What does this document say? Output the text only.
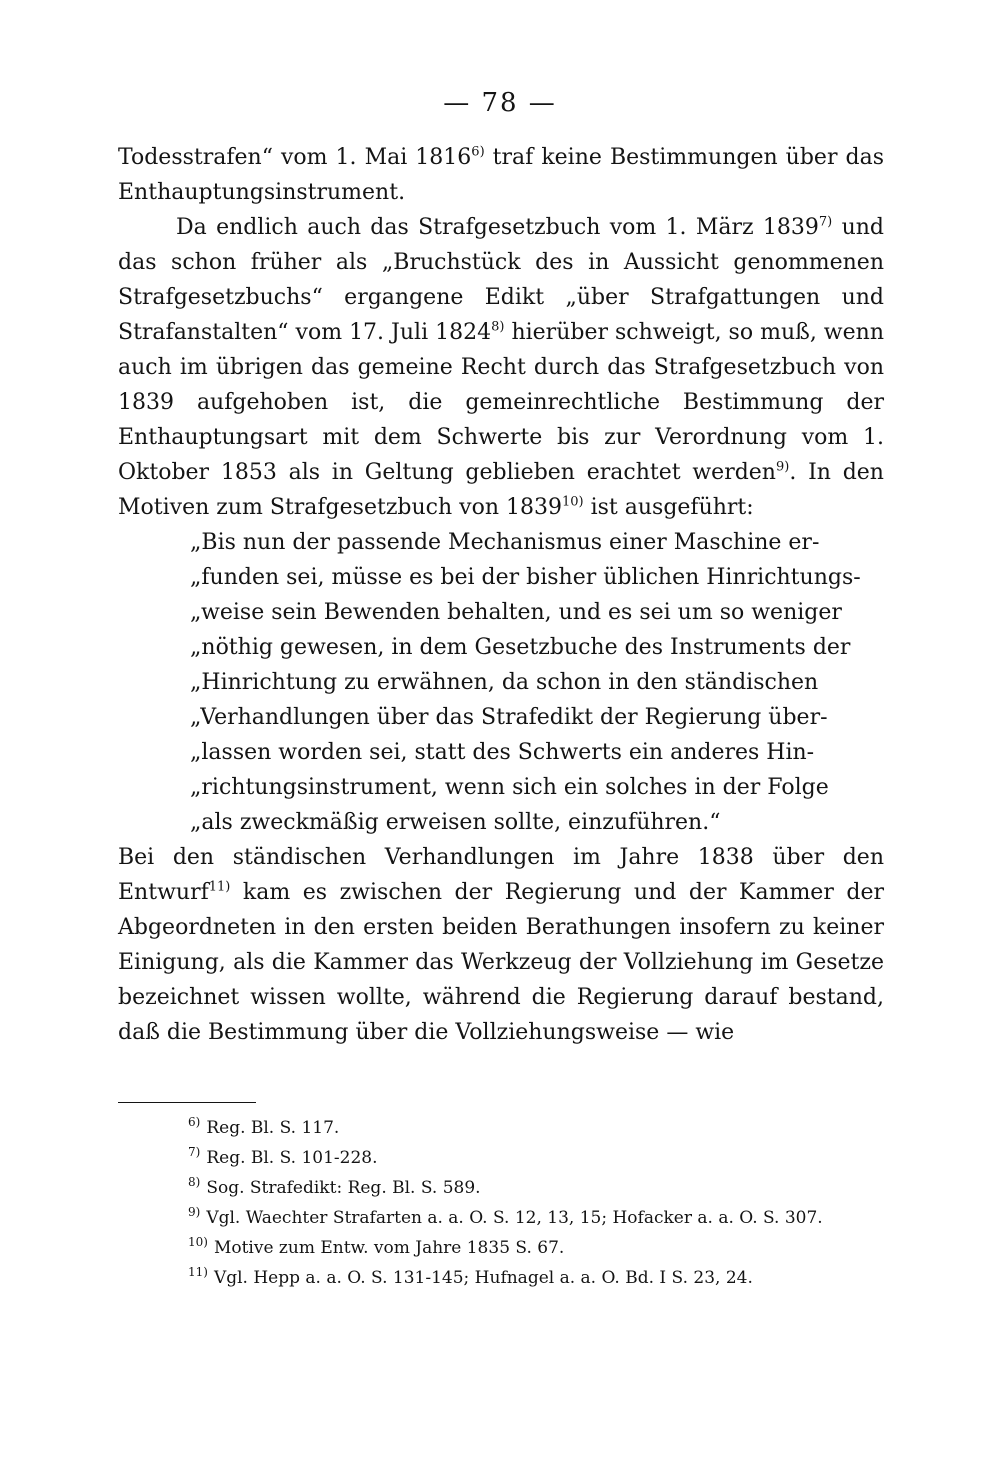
— 78 —

Todesstrafen“ vom 1. Mai 1816$^{6)}$ traf keine Bestimmungen über das Enthauptungsinstrument.

Da endlich auch das Strafgesetzbuch vom 1. März 1839$^{7)}$ und das schon früher als „Bruchstück des in Aussicht genommenen Strafgesetzbuchs“ ergangene Edikt „über Strafgattungen und Strafanstalten“ vom 17. Juli 1824$^{8)}$ hierüber schweigt, so muß, wenn auch im übrigen das gemeine Recht durch das Strafgesetzbuch von 1839 aufgehoben ist, die gemeinrechtliche Bestimmung der Enthauptungsart mit dem Schwerte bis zur Verordnung vom 1. Oktober 1853 als in Geltung geblieben erachtet werden$^{9)}$. In den Motiven zum Strafgesetzbuch von 1839$^{10)}$ ist ausgeführt:

„Bis nun der passende Mechanismus einer Maschine er-
„funden sei, müsse es bei der bisher üblichen Hinrichtungs-
„weise sein Bewenden behalten, und es sei um so weniger
„nöthig gewesen, in dem Gesetzbuche des Instruments der
„Hinrichtung zu erwähnen, da schon in den ständischen
„Verhandlungen über das Strafedikt der Regierung über-
„lassen worden sei, statt des Schwerts ein anderes Hin-
„richtungsinstrument, wenn sich ein solches in der Folge
„als zweckmäßig erweisen sollte, einzuführen.“

Bei den ständischen Verhandlungen im Jahre 1838 über den Entwurf$^{11)}$ kam es zwischen der Regierung und der Kammer der Abgeordneten in den ersten beiden Berathungen insofern zu keiner Einigung, als die Kammer das Werkzeug der Vollziehung im Gesetze bezeichnet wissen wollte, während die Regierung darauf bestand, daß die Bestimmung über die Vollziehungsweise — wie

$^{6)}$ Reg. Bl. S. 117.

$^{7)}$ Reg. Bl. S. 101-228.

$^{8)}$ Sog. Strafedikt: Reg. Bl. S. 589.

$^{9)}$ Vgl. Waechter Strafarten a. a. O. S. 12, 13, 15; Hofacker a. a. O. S. 307.

$^{10)}$ Motive zum Entw. vom Jahre 1835 S. 67.

$^{11)}$ Vgl. Hepp a. a. O. S. 131-145; Hufnagel a. a. O. Bd. I S. 23, 24.
